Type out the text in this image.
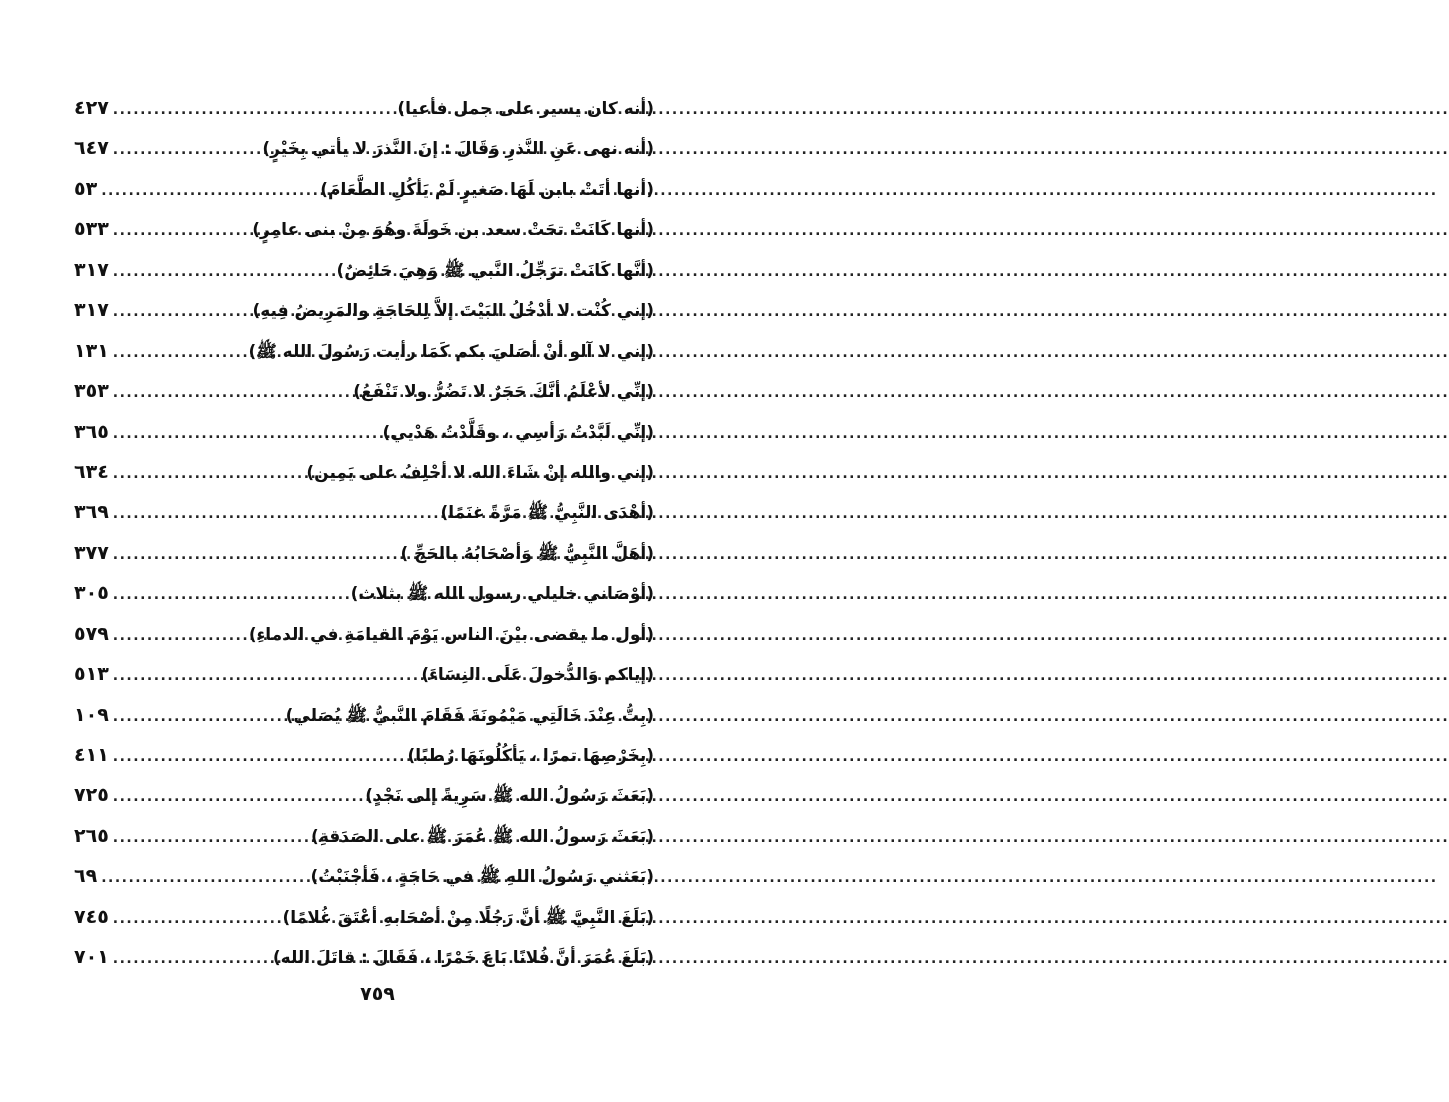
٤٢٧ .....	(أنه كان يسير على جمل فأعيا)
٦٤٧ .....	(أنه نهى عَنِ النَّذرِ وَقَالَ : إنَ النَّذرَ لا يأتي بِخَيْرٍ)
٥٣ .....	(أنها أتَتْ بابن لَهَا صَغيرٍ لَمْ يَأكُلِ الطَّعَامَ)
٥٣٣ .....	(أنها كَانَتْ تحَتْ سعد بن خَولَةَ وهُوَ مِنْ بنى عامِرٍ)
٣١٧ .....	(أنَّها كَانَتْ ترَجِّلُ النَّبي ﷺ وَهِيَ حَائِضٌ)
٣١٧ .....	(إني كُنْت لا أدْخُلُ البَيْتَ إلاَّ لِلحَاجَةِ والمَرِيضُ فِيهِ)
١٣١ .....	(إني لا آلو أنْ أصَليَ بكم كَمَا رأيت رَسُولَ الله ﷺ)
٣٥٣ .....	(إنِّي لأعْلَمُ أنَّكَ حَجَرٌ لا تَضُرُّ ولا تَنْفَعُ)
٣٦٥ .....	(إنِّي لَبَّدْتُ رَأسِي ، وقَلَّدْتُ هَدْيي)
٦٣٤ .....	(إني والله إنْ شَاءَ الله لا أحْلِفُ على يَمِين)
٣٦٩ .....	(أهْدَى النَّبِيُّ ﷺ مَرَّةً غنَمًا)
٣٧٧ .....	(أهَلَّ النَّبِيُّ ﷺ وَأصْحَابُهُ بالحَجِّ )
٣٠٥ .....	(أوْصَاني خليلي رسول الله ﷺ بثلاث)
٥٧٩ .....	(أول ما يقضى بيْنَ الناس يَوْمَ القيامَةِ في الدماءِ)
٥١٣ .....	(إياكم وَالدُّخولَ عَلَى النِسَاءَ)
١٠٩ .....	(بِتُّ عِنْدَ خَالَتِي مَيْمُونَةَ فَقَامَ النَّبيُّ ﷺ يُصَلي)
٤١١ .....	(بِخَرْصِهَا تمرًا ، يَأكُلُونَهَا رُطبًا)
٧٢٥ .....	(بَعَثَ رَسُولُ الله ﷺ سَرِيةً إلى نَجْدٍ)
٢٦٥ .....	(بَعَثَ رَسولُ الله ﷺ عُمَرَ ﷺ على الصَدَقةِ)
٦٩ .....	(بَعَثني رَسُولُ اللهِ ﷺ في حَاجَةٍ ، فَأجْنَبْتُ)
٧٤٥ .....	(بَلَغَ النَّبِيَّ ﷺ أنَّ رَجُلًا مِنْ أصْحَابهِ أعْتَقَ غُلامًا)
٧٠١ .....	(بَلَغَ عُمَرَ أنَّ فُلانًا بَاعَ خَمْرًا ، فَقَالَ : قاتَلَ الله)
٧٥٩
